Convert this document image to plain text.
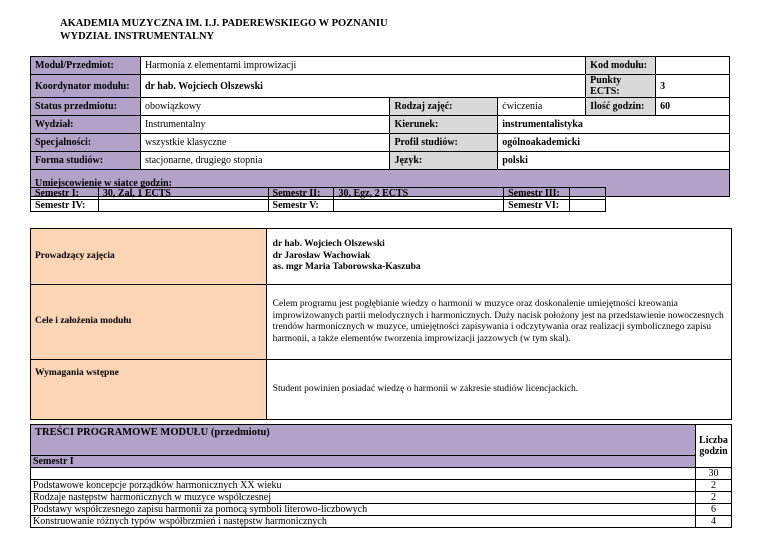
AKADEMIA MUZYCZNA IM. I.J. PADEREWSKIEGO W POZNANIU
WYDZIAŁ INSTRUMENTALNY
Moduł/Przedmiot:	Harmonia z elementami improwizacji			Kod modułu:	
Koordynator modułu:	dr hab. Wojciech Olszewski			Punkty ECTS:	3
Status przedmiotu:	obowiązkowy	Rodzaj zajęć:	ćwiczenia	Ilość godzin:	60
Wydział:	Instrumentalny	Kierunek:	instrumentalistyka		
Specjalności:	wszystkie klasyczne	Profil studiów:	ogólnoakademicki		
Forma studiów:	stacjonarne, drugiego stopnia	Język:	polski		
Umiejscowienie w siatce godzin:					
Semestr I:	30, Zal, 1 ECTS	Semestr II:	30, Egz, 2 ECTS	Semestr III:	
Semestr IV:		Semestr V:		Semestr VI:	
Prowadzący zajęcia	dr hab. Wojciech Olszewski
dr Jarosław Wachowiak
as. mgr Maria Taborowska-Kaszuba

Cele i założenia modułu	Celem programu jest pogłębianie wiedzy o harmonii w muzyce oraz doskonalenie umiejętności kreowania improwizowanych partii melodycznych i harmonicznych. Duży nacisk położony jest na przedstawienie nowoczesnych trendów harmonicznych w muzyce, umiejętności zapisywania i odczytywania oraz realizacji symbolicznego zapisu harmonii, a także elementów tworzenia improwizacji jazzowych (w tym skal).
Wymagania wstępne	Student powinien posiadać wiedzę o harmonii w zakresie studiów licencjackich.
TREŚCI PROGRAMOWE MODUŁU (przedmiotu)	Liczba
godzin

Semestr I	
	30
Podstawowe koncepcje porządków harmonicznych XX wieku	2
Rodzaje następstw harmonicznych w muzyce współczesnej	2
Podstawy współczesnego zapisu harmonii za pomocą symboli literowo-liczbowych	6
Konstruowanie różnych typów współbrzmień i następstw harmonicznych	4
